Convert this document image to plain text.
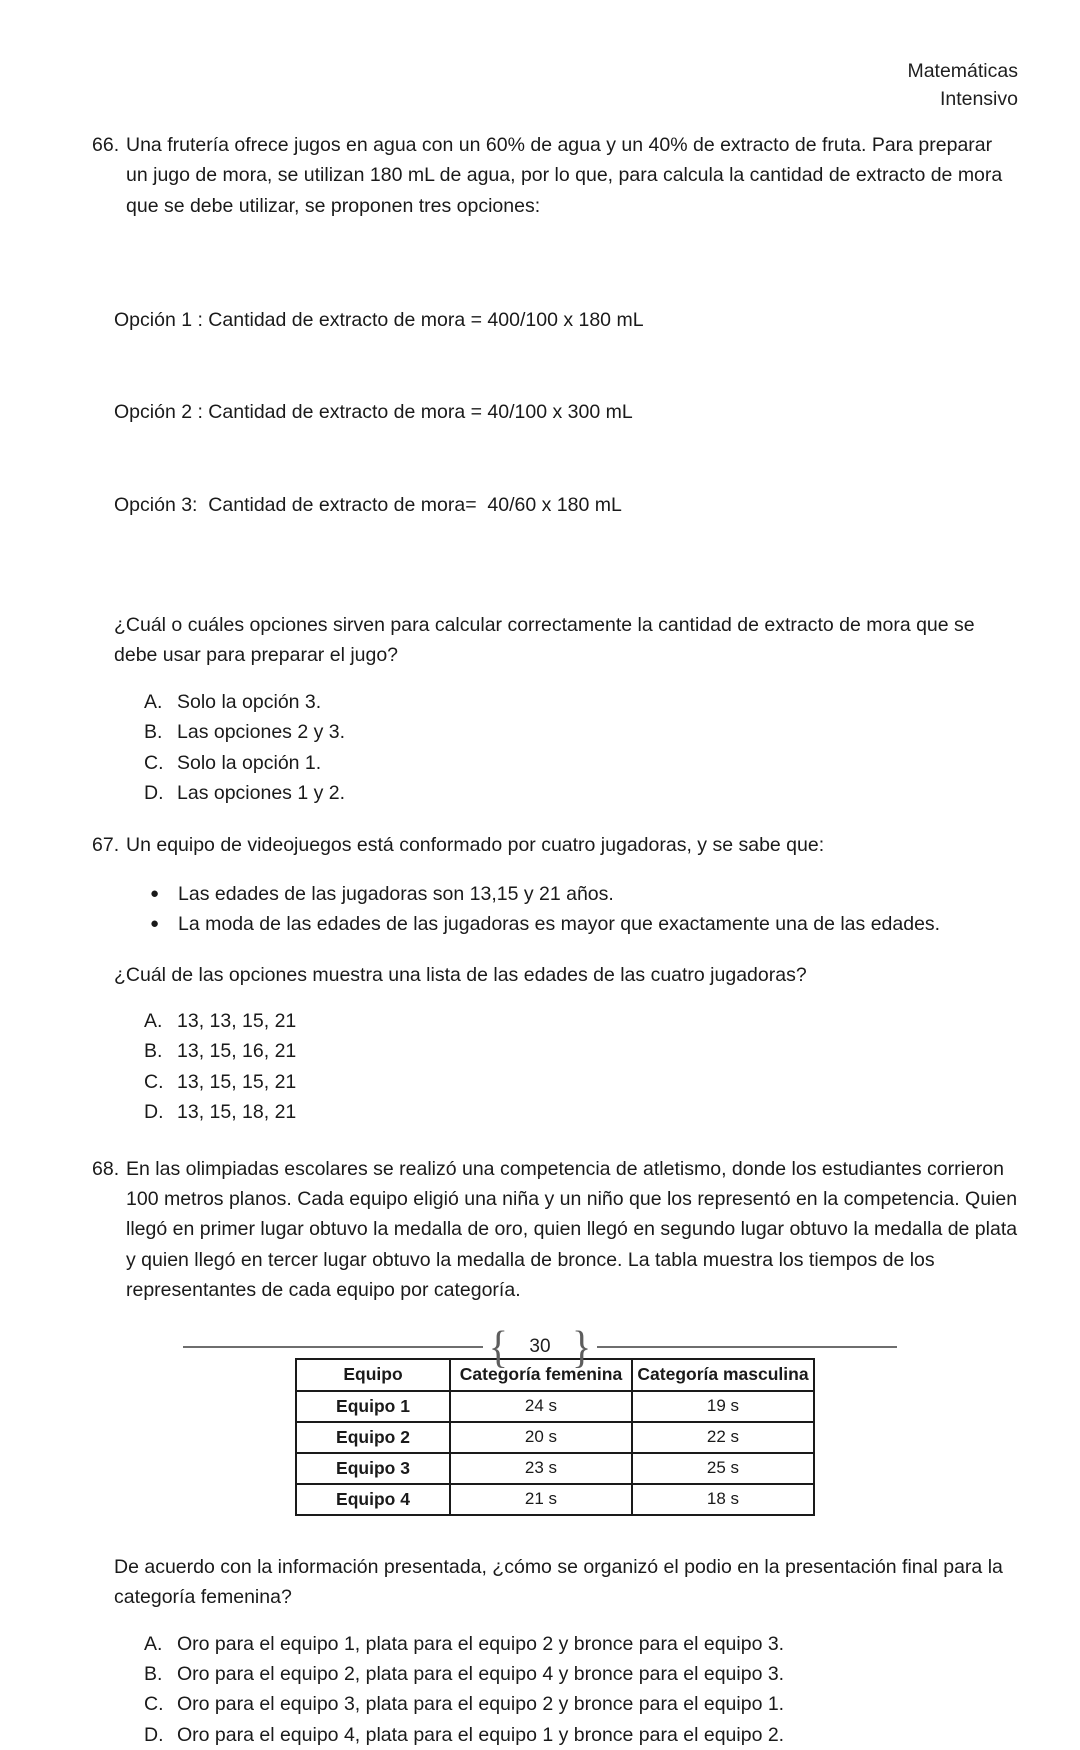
Matemáticas
Intensivo
66. Una frutería ofrece jugos en agua con un 60% de agua y un 40% de extracto de fruta. Para preparar un jugo de mora, se utilizan 180 mL de agua, por lo que, para calcula la cantidad de extracto de mora que se debe utilizar, se proponen tres opciones:

Opción 1 : Cantidad de extracto de mora = 400/100 x 180 mL

Opción 2 : Cantidad de extracto de mora = 40/100 x 300 mL

Opción 3:  Cantidad de extracto de mora=  40/60 x 180 mL

¿Cuál o cuáles opciones sirven para calcular correctamente la cantidad de extracto de mora que se debe usar para preparar el jugo?
A. Solo la opción 3.
B. Las opciones 2 y 3.
C. Solo la opción 1.
D. Las opciones 1 y 2.
67. Un equipo de videojuegos está conformado por cuatro jugadoras, y se sabe que:
● Las edades de las jugadoras son 13,15 y 21 años.
● La moda de las edades de las jugadoras es mayor que exactamente una de las edades.
¿Cuál de las opciones muestra una lista de las edades de las cuatro jugadoras?
A. 13, 13, 15, 21
B. 13, 15, 16, 21
C. 13, 15, 15, 21
D. 13, 15, 18, 21
68. En las olimpiadas escolares se realizó una competencia de atletismo, donde los estudiantes corrieron
100 metros planos. Cada equipo eligió una niña y un niño que los representó en la competencia. Quien
llegó en primer lugar obtuvo la medalla de oro, quien llegó en segundo lugar obtuvo la medalla de plata
y quien llegó en tercer lugar obtuvo la medalla de bronce. La tabla muestra los tiempos de los
representantes de cada equipo por categoría.
Equipo	Categoría femenina	Categoría masculina
Equipo 1	24 s	19 s
Equipo 2	20 s	22 s
Equipo 3	23 s	25 s
Equipo 4	21 s	18 s
De acuerdo con la información presentada, ¿cómo se organizó el podio en la presentación final para la categoría femenina?
A. Oro para el equipo 1, plata para el equipo 2 y bronce para el equipo 3.
B. Oro para el equipo 2, plata para el equipo 4 y bronce para el equipo 3.
C. Oro para el equipo 3, plata para el equipo 2 y bronce para el equipo 1.
D. Oro para el equipo 4, plata para el equipo 1 y bronce para el equipo 2.
{	30 }
